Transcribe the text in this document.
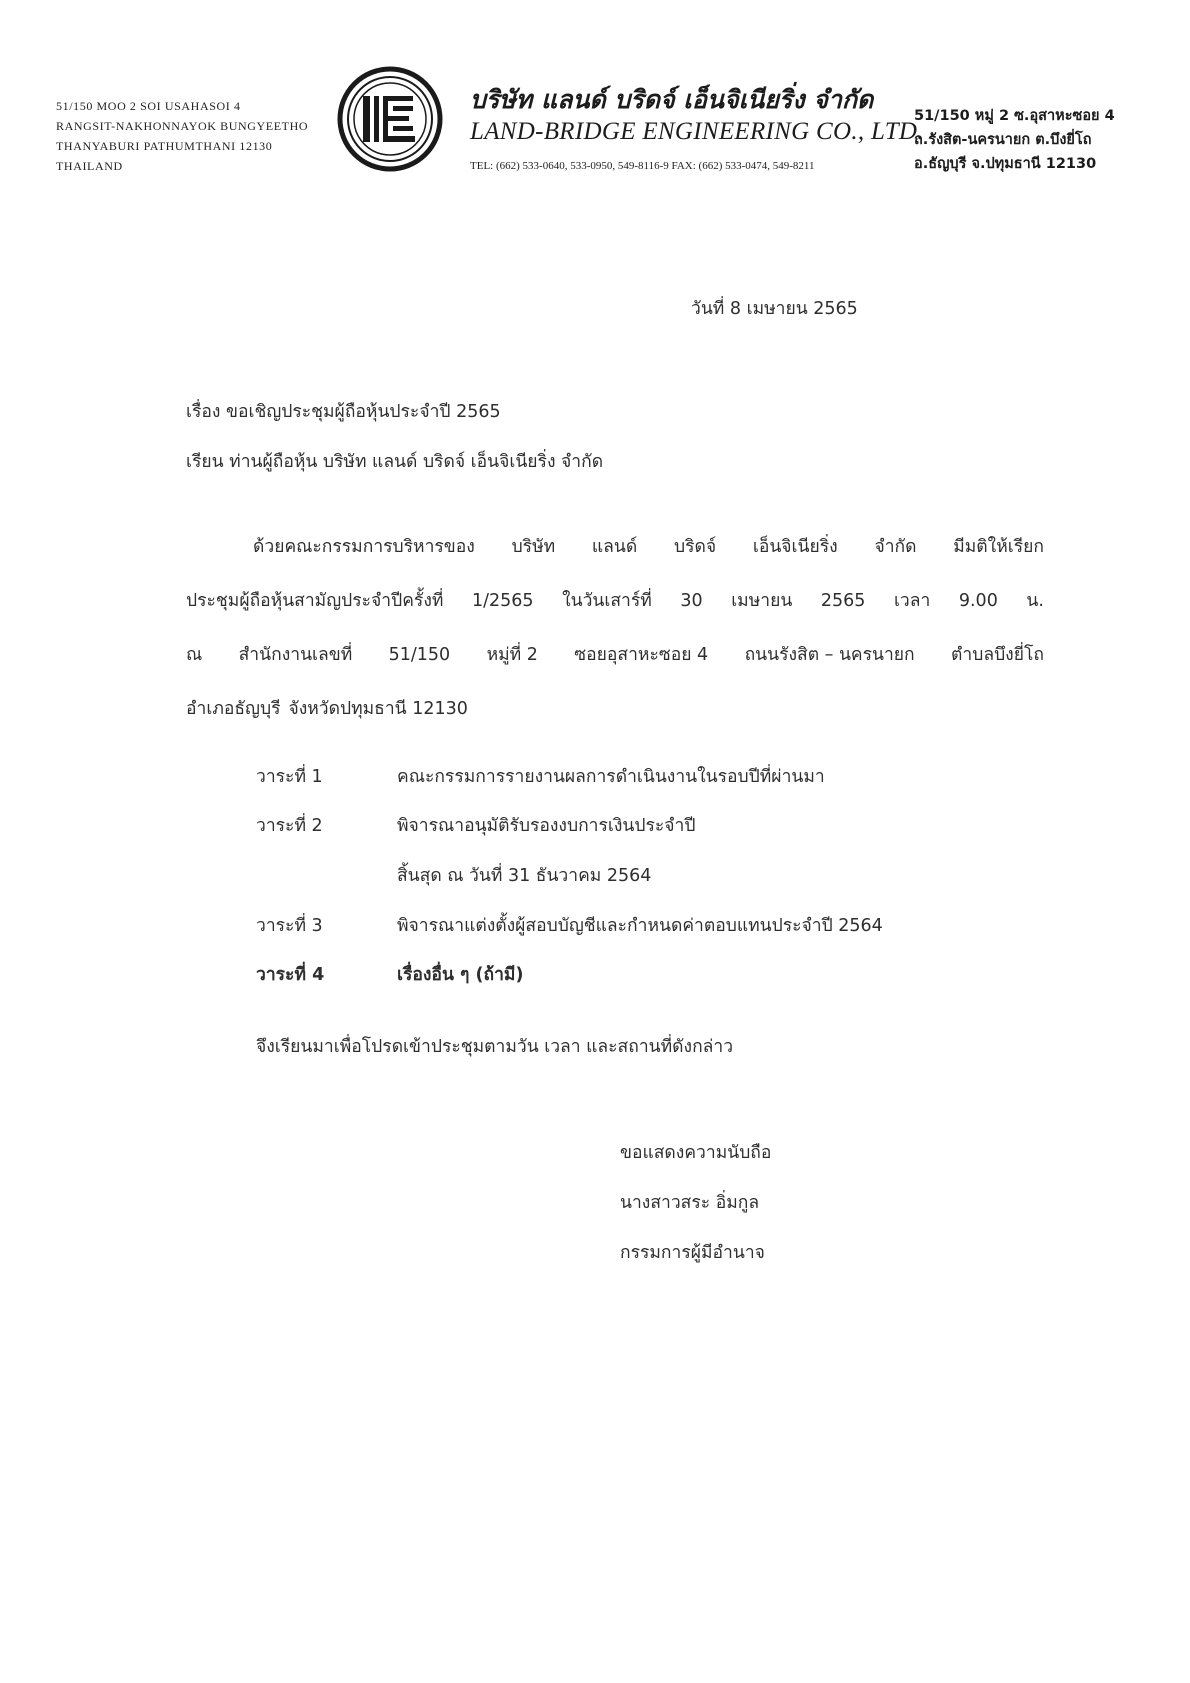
51/150 MOO 2 SOI USAHASOI 4
RANGSIT-NAKHONNAYOK BUNGYEETHO
THANYABURI PATHUMTHANI 12130
THAILAND
บริษัท แลนด์ บริดจ์ เอ็นจิเนียริ่ง จำกัด
LAND-BRIDGE ENGINEERING CO., LTD.
TEL: (662) 533-0640, 533-0950, 549-8116-9 FAX: (662) 533-0474, 549-8211
51/150 หมู่ 2 ซ.อุสาหะซอย 4
ถ.รังสิต-นครนายก ต.บึงยี่โถ
อ.ธัญบุรี จ.ปทุมธานี 12130
วันที่ 8 เมษายน 2565
เรื่อง ขอเชิญประชุมผู้ถือหุ้นประจำปี 2565
เรียน ท่านผู้ถือหุ้น บริษัท แลนด์ บริดจ์ เอ็นจิเนียริ่ง จำกัด
ด้วยคณะกรรมการบริหารของ บริษัท แลนด์ บริดจ์ เอ็นจิเนียริ่ง จำกัด มีมติให้เรียก
ประชุมผู้ถือหุ้นสามัญประจำปีครั้งที่ 1/2565 ในวันเสาร์ที่ 30 เมษายน 2565 เวลา 9.00 น.
ณ สำนักงานเลขที่ 51/150 หมู่ที่ 2 ซอยอุสาหะซอย 4 ถนนรังสิต – นครนายก ตำบลบึงยี่โถ
อำเภอธัญบุรี จังหวัดปทุมธานี 12130
วาระที่ 1	คณะกรรมการรายงานผลการดำเนินงานในรอบปีที่ผ่านมา
วาระที่ 2	พิจารณาอนุมัติรับรองงบการเงินประจำปี
สิ้นสุด ณ วันที่ 31 ธันวาคม 2564
วาระที่ 3	พิจารณาแต่งตั้งผู้สอบบัญชีและกำหนดค่าตอบแทนประจำปี 2564
วาระที่ 4	เรื่องอื่น ๆ (ถ้ามี)
จึงเรียนมาเพื่อโปรดเข้าประชุมตามวัน เวลา และสถานที่ดังกล่าว
ขอแสดงความนับถือ
นางสาวสระ อิ่มกูล
กรรมการผู้มีอำนาจ
